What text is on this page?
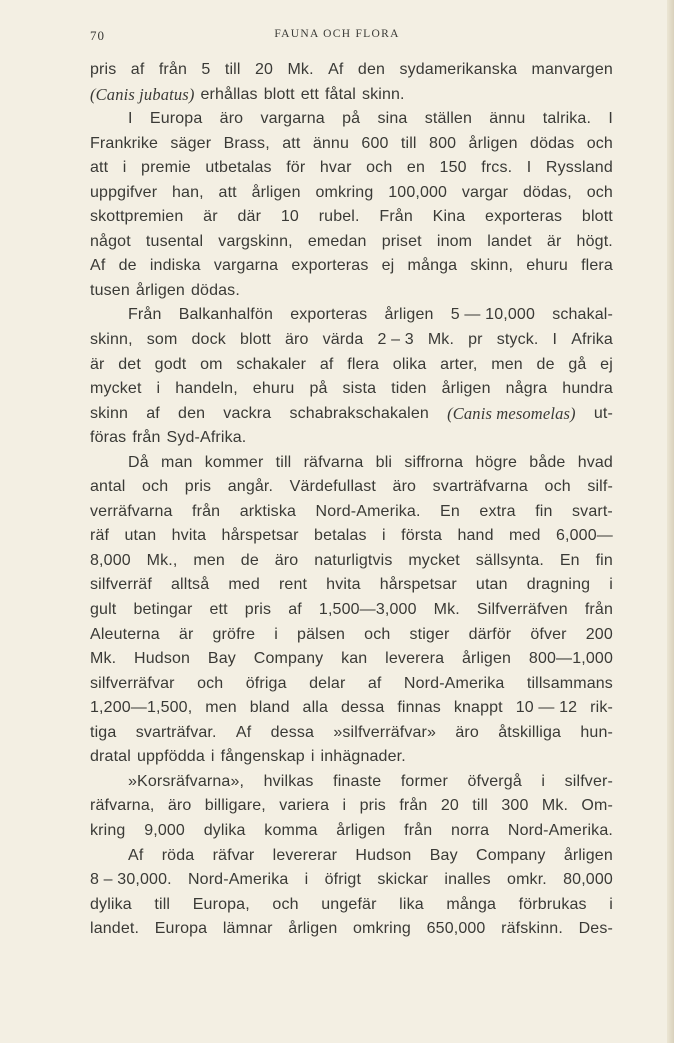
70	FAUNA OCH FLORA
pris af från 5 till 20 Mk. Af den sydamerikanska manvargen
(Canis jubatus) erhållas blott ett fåtal skinn.
I Europa äro vargarna på sina ställen ännu talrika. I
Frankrike säger Brass, att ännu 600 till 800 årligen dödas och
att i premie utbetalas för hvar och en 150 frcs. I Ryssland
uppgifver han, att årligen omkring 100,000 vargar dödas, och
skottpremien är där 10 rubel. Från Kina exporteras blott
något tusental vargskinn, emedan priset inom landet är högt.
Af de indiska vargarna exporteras ej många skinn, ehuru flera
tusen årligen dödas.
Från Balkanhalfön exporteras årligen 5 — 10,000 schakal-
skinn, som dock blott äro värda 2 – 3 Mk. pr styck. I Afrika
är det godt om schakaler af flera olika arter, men de gå ej
mycket i handeln, ehuru på sista tiden årligen några hundra
skinn af den vackra schabrakschakalen (Canis mesomelas) ut-
föras från Syd-Afrika.
Då man kommer till räfvarna bli siffrorna högre både hvad
antal och pris angår. Värdefullast äro svarträfvarna och silf-
verräfvarna från arktiska Nord-Amerika. En extra fin svart-
räf utan hvita hårspetsar betalas i första hand med 6,000—
8,000 Mk., men de äro naturligtvis mycket sällsynta. En fin
silfverräf alltså med rent hvita hårspetsar utan dragning i
gult betingar ett pris af 1,500—3,000 Mk. Silfverräfven från
Aleuterna är gröfre i pälsen och stiger därför öfver 200
Mk. Hudson Bay Company kan leverera årligen 800—1,000
silfverräfvar och öfriga delar af Nord-Amerika tillsammans
1,200—1,500, men bland alla dessa finnas knappt 10 — 12 rik-
tiga svarträfvar. Af dessa »silfverräfvar» äro åtskilliga hun-
dratal uppfödda i fångenskap i inhägnader.
»Korsräfvarna», hvilkas finaste former öfvergå i silfver-
räfvarna, äro billigare, variera i pris från 20 till 300 Mk. Om-
kring 9,000 dylika komma årligen från norra Nord-Amerika.
Af röda räfvar levererar Hudson Bay Company årligen
8 – 30,000. Nord-Amerika i öfrigt skickar inalles omkr. 80,000
dylika till Europa, och ungefär lika många förbrukas i
landet. Europa lämnar årligen omkring 650,000 räfskinn. Des-
